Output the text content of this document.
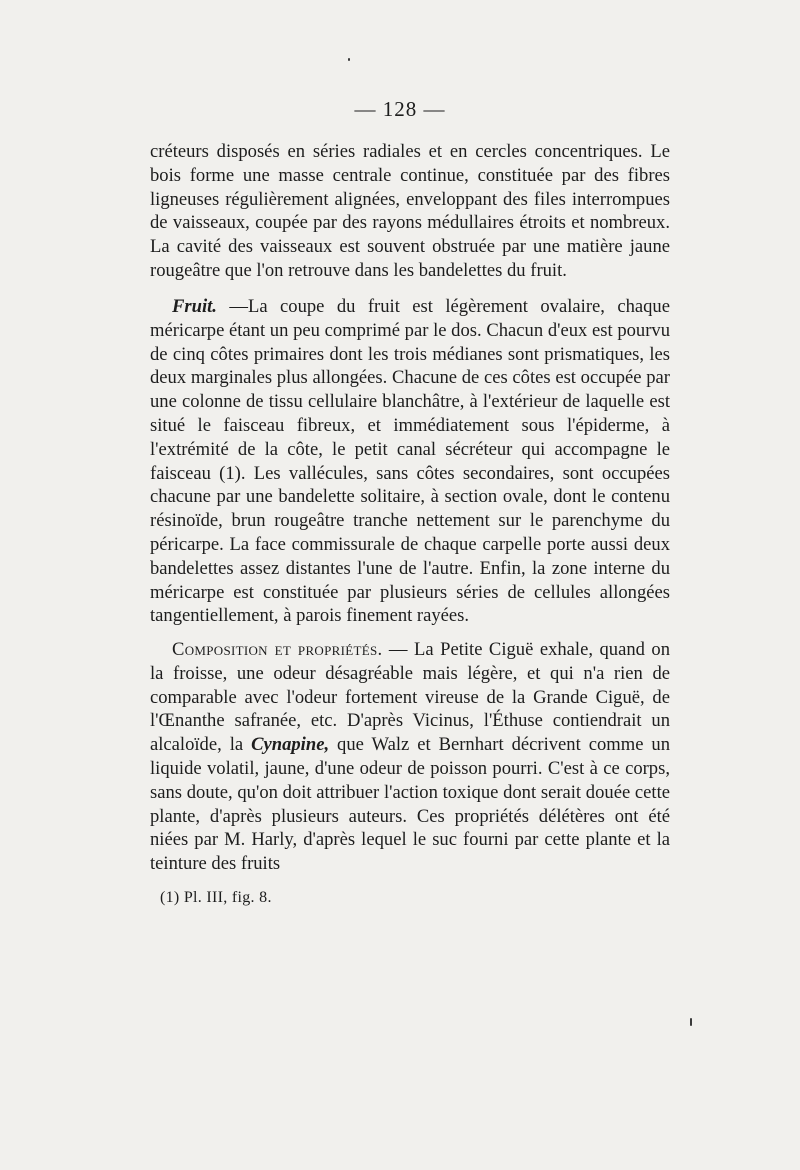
— 128 —

créteurs disposés en séries radiales et en cercles concentriques. Le bois forme une masse centrale continue, constituée par des fibres ligneuses régulièrement alignées, enveloppant des files interrompues de vaisseaux, coupée par des rayons médullaires étroits et nombreux. La cavité des vaisseaux est souvent obstruée par une matière jaune rougeâtre que l'on retrouve dans les bandelettes du fruit.

Fruit. —La coupe du fruit est légèrement ovalaire, chaque méricarpe étant un peu comprimé par le dos. Chacun d'eux est pourvu de cinq côtes primaires dont les trois médianes sont prismatiques, les deux marginales plus allongées. Chacune de ces côtes est occupée par une colonne de tissu cellulaire blanchâtre, à l'extérieur de laquelle est situé le faisceau fibreux, et immédiatement sous l'épiderme, à l'extrémité de la côte, le petit canal sécréteur qui accompagne le faisceau (1). Les vallécules, sans côtes secondaires, sont occupées chacune par une bandelette solitaire, à section ovale, dont le contenu résinoïde, brun rougeâtre tranche nettement sur le parenchyme du péricarpe. La face commissurale de chaque carpelle porte aussi deux bandelettes assez distantes l'une de l'autre. Enfin, la zone interne du méricarpe est constituée par plusieurs séries de cellules allongées tangentiellement, à parois finement rayées.

Composition et propriétés. — La Petite Ciguë exhale, quand on la froisse, une odeur désagréable mais légère, et qui n'a rien de comparable avec l'odeur fortement vireuse de la Grande Ciguë, de l'Œnanthe safranée, etc. D'après Vicinus, l'Éthuse contiendrait un alcaloïde, la Cynapine, que Walz et Bernhart décrivent comme un liquide volatil, jaune, d'une odeur de poisson pourri. C'est à ce corps, sans doute, qu'on doit attribuer l'action toxique dont serait douée cette plante, d'après plusieurs auteurs. Ces propriétés délétères ont été niées par M. Harly, d'après lequel le suc fourni par cette plante et la teinture des fruits

(1) Pl. III, fig. 8.
